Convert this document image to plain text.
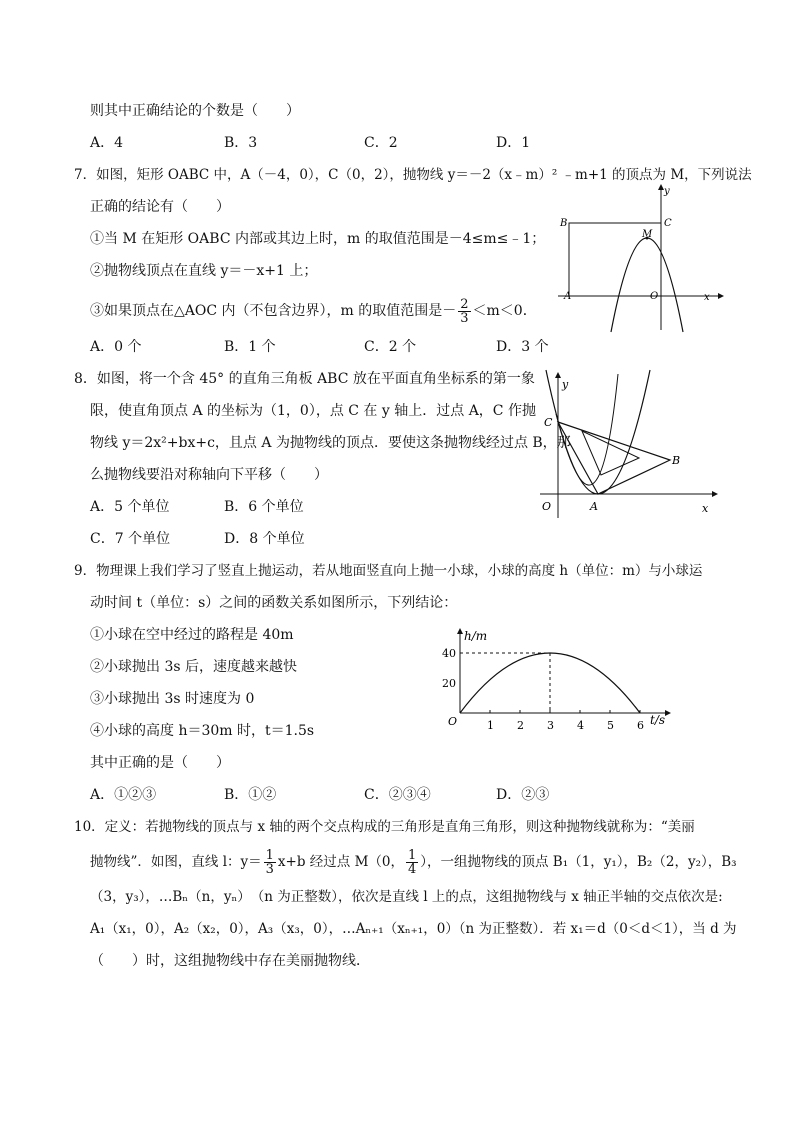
则其中正确结论的个数是（　　）
A．4	B．3	C．2	D．1
7．如图，矩形 OABC 中，A（－4，0），C（0，2），抛物线 y＝－2（x﹣m）² ﹣m+1 的顶点为 M，下列说法
正确的结论有（　　）
①当 M 在矩形 OABC 内部或其边上时，m 的取值范围是－4≤m≤﹣1；
②抛物线顶点在直线 y＝－x+1 上；
③如果顶点在△AOC 内（不包含边界），m 的取值范围是－ $\frac{2}{3} <m<0$．
A．0 个	B．1 个	C．2 个	D．3 个
B	C
M
A	O	x
y
8．如图，将一个含 45° 的直角三角板 ABC 放在平面直角坐标系的第一象
限，使直角顶点 A 的坐标为（1，0），点 C 在 y 轴上．过点 A，C 作抛
物线 y＝2x²+bx+c，且点 A 为抛物线的顶点．要使这条抛物线经过点 B，那
么抛物线要沿对称轴向下平移（　　）
A．5 个单位	B．6 个单位
C．7 个单位	D．8 个单位
y
C
B
O	A	x
9．物理课上我们学习了竖直上抛运动，若从地面竖直向上抛一小球，小球的高度 h（单位：m）与小球运
动时间 t（单位：s）之间的函数关系如图所示，下列结论：
①小球在空中经过的路程是 40m
②小球抛出 3s 后，速度越来越快
③小球抛出 3s 时速度为 0
④小球的高度 h＝30m 时，t＝1.5s
其中正确的是（　　）
A．①②③	B．①②	C．②③④	D．②③
h/m
t/s
O
40
20
1 2 3 4 5 6
10．定义：若抛物线的顶点与 x 轴的两个交点构成的三角形是直角三角形，则这种抛物线就称为：“美丽
抛物线”．如图，直线 l：$y= \frac{1}{3} x+b$ 经过点 M（0， $\frac{1}{4}$ ），一组抛物线的顶点 B₁（1，y₁），B₂（2，y₂），B₃
（3，y₃），…Bₙ（n，yₙ）　（n 为正整数），依次是直线 l 上的点，这组抛物线与 x 轴正半轴的交点依次是:
A₁（x₁，0），A₂（x₂，0），A₃（x₃，0），…Aₙ₊₁（xₙ₊₁，0）（n 为正整数）．若 x₁＝d（0＜d＜1），当 d 为
（　　）时，这组抛物线中存在美丽抛物线．
